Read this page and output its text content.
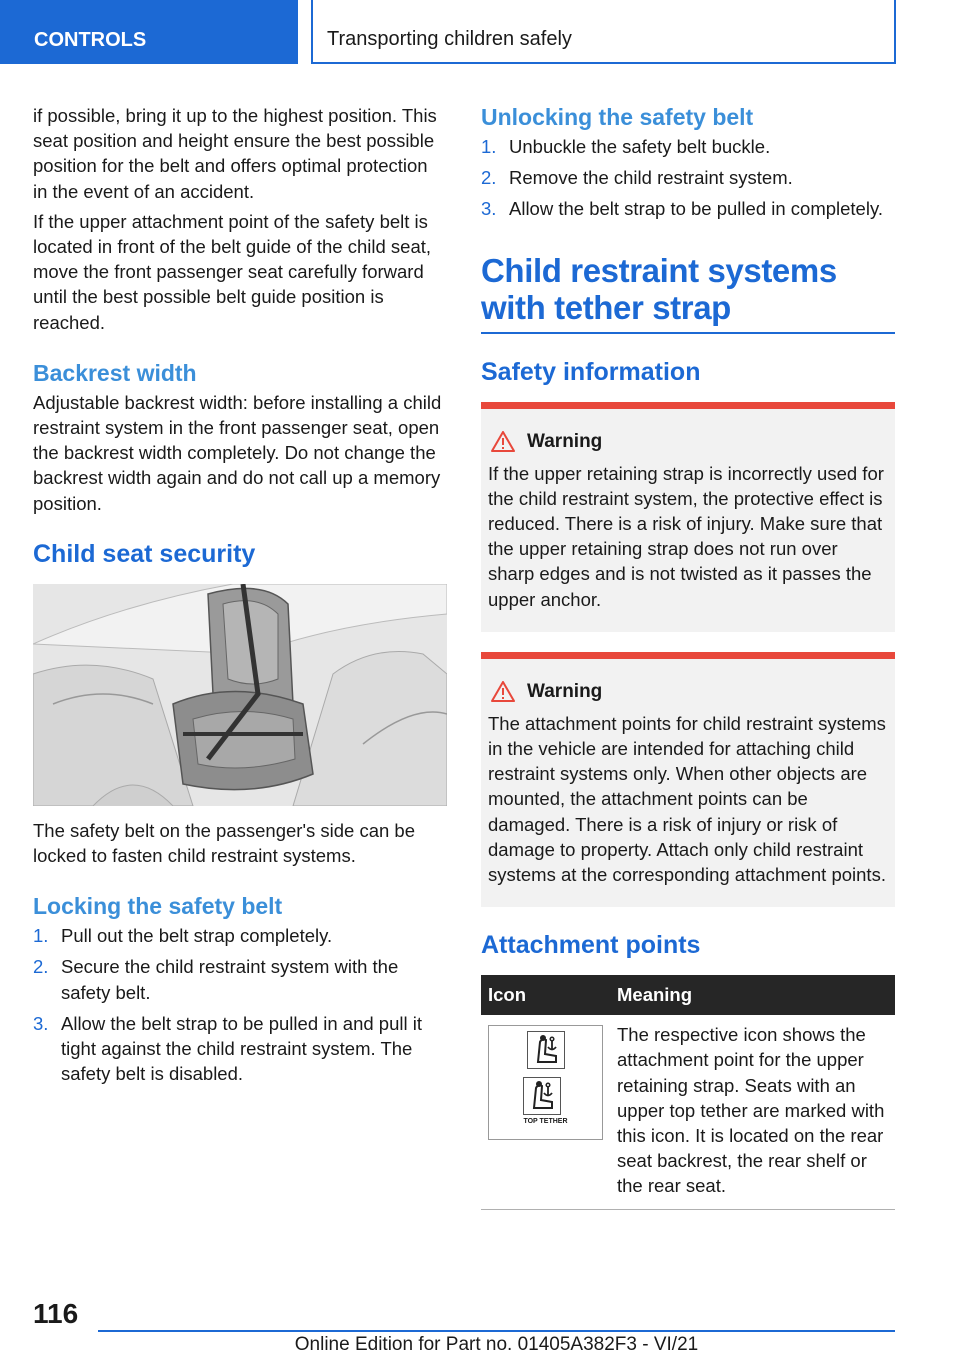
CONTROLS	Transporting children safely

if possible, bring it up to the highest position. This seat position and height ensure the best possible position for the belt and offers optimal protection in the event of an accident.

If the upper attachment point of the safety belt is located in front of the belt guide of the child seat, move the front passenger seat carefully forward until the best possible belt guide position is reached.

Backrest width

Adjustable backrest width: before installing a child restraint system in the front passenger seat, open the backrest width completely. Do not change the backrest width again and do not call up a memory position.

Child seat security

The safety belt on the passenger's side can be locked to fasten child restraint systems.

Locking the safety belt
1. Pull out the belt strap completely.
2. Secure the child restraint system with the safety belt.
3. Allow the belt strap to be pulled in and pull it tight against the child restraint system. The safety belt is disabled.
Unlocking the safety belt
1. Unbuckle the safety belt buckle.
2. Remove the child restraint system.
3. Allow the belt strap to be pulled in completely.
Child restraint systems with tether strap
Safety information
Warning

If the upper retaining strap is incorrectly used for the child restraint system, the protective effect is reduced. There is a risk of injury. Make sure that the upper retaining strap does not run over sharp edges and is not twisted as it passes the upper anchor.

Warning

The attachment points for child restraint systems in the vehicle are intended for attaching child restraint systems only. When other objects are mounted, the attachment points can be damaged. There is a risk of injury or risk of damage to property. Attach only child restraint systems at the corresponding attachment points.

Attachment points
Icon	Meaning

TOP TETHER	The respective icon shows the attachment point for the upper retaining strap. Seats with an upper top tether are marked with this icon. It is located on the rear seat backrest, the rear shelf or the rear seat.
116
Online Edition for Part no. 01405A382F3 - VI/21
